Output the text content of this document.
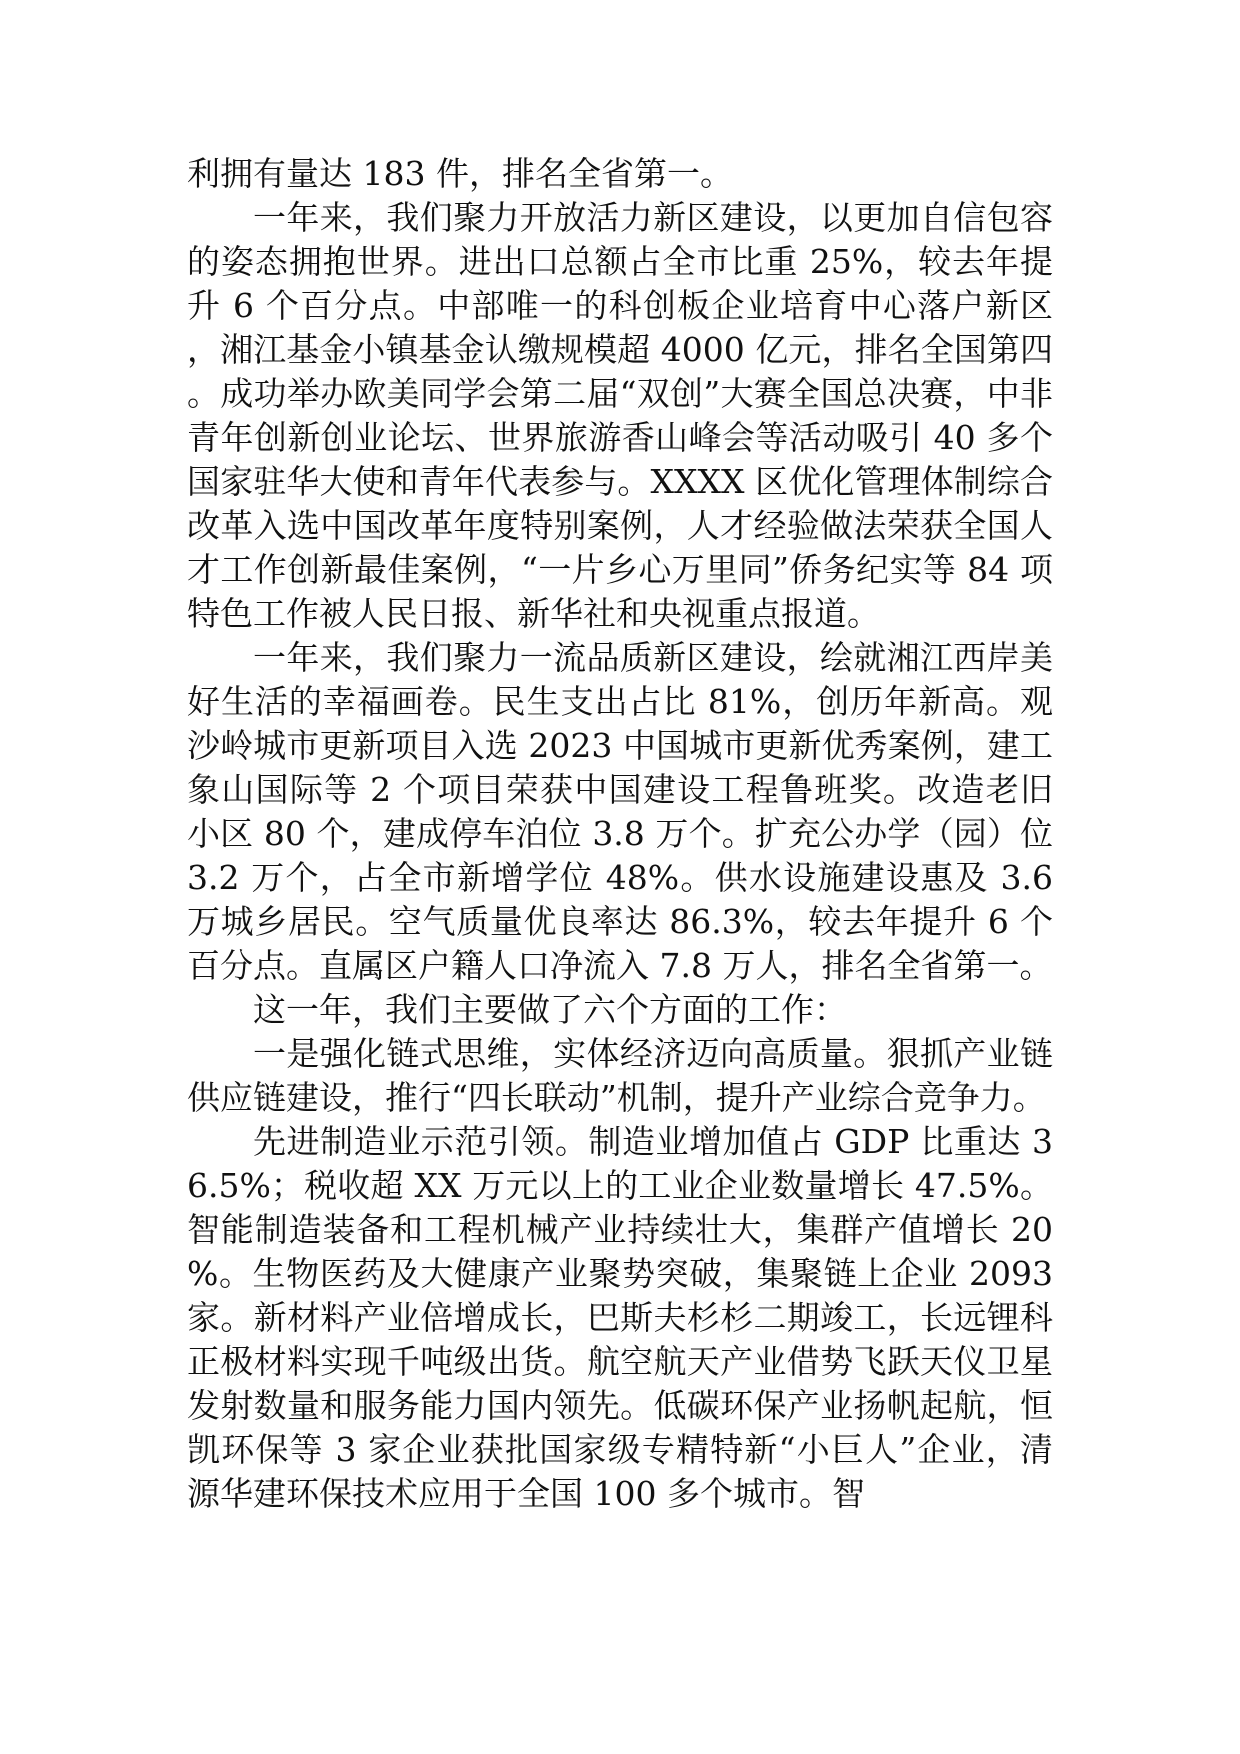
利拥有量达 183 件，排名全省第一。

一年来，我们聚力开放活力新区建设，以更加自信包容的姿态拥抱世界。进出口总额占全市比重 25%，较去年提升 6 个百分点。中部唯一的科创板企业培育中心落户新区，湘江基金小镇基金认缴规模超 4000 亿元，排名全国第四。成功举办欧美同学会第二届“双创”大赛全国总决赛，中非青年创新创业论坛、世界旅游香山峰会等活动吸引 40 多个国家驻华大使和青年代表参与。XXXX 区优化管理体制综合改革入选中国改革年度特别案例，人才经验做法荣获全国人才工作创新最佳案例，“一片乡心万里同”侨务纪实等 84 项特色工作被人民日报、新华社和央视重点报道。

一年来，我们聚力一流品质新区建设，绘就湘江西岸美好生活的幸福画卷。民生支出占比 81%，创历年新高。观沙岭城市更新项目入选 2023 中国城市更新优秀案例，建工象山国际等 2 个项目荣获中国建设工程鲁班奖。改造老旧小区 80 个，建成停车泊位 3.8 万个。扩充公办学（园）位 3.2 万个，占全市新增学位 48%。供水设施建设惠及 3.6 万城乡居民。空气质量优良率达 86.3%，较去年提升 6 个百分点。直属区户籍人口净流入 7.8 万人，排名全省第一。

这一年，我们主要做了六个方面的工作：

一是强化链式思维，实体经济迈向高质量。狠抓产业链供应链建设，推行“四长联动”机制，提升产业综合竞争力。

先进制造业示范引领。制造业增加值占 GDP 比重达 36.5%；税收超 XX 万元以上的工业企业数量增长 47.5%。智能制造装备和工程机械产业持续壮大，集群产值增长 20%。生物医药及大健康产业聚势突破，集聚链上企业 2093 家。新材料产业倍增成长，巴斯夫杉杉二期竣工，长远锂科正极材料实现千吨级出货。航空航天产业借势飞跃天仪卫星发射数量和服务能力国内领先。低碳环保产业扬帆起航，恒凯环保等 3 家企业获批国家级专精特新“小巨人”企业，清源华建环保技术应用于全国 100 多个城市。智
